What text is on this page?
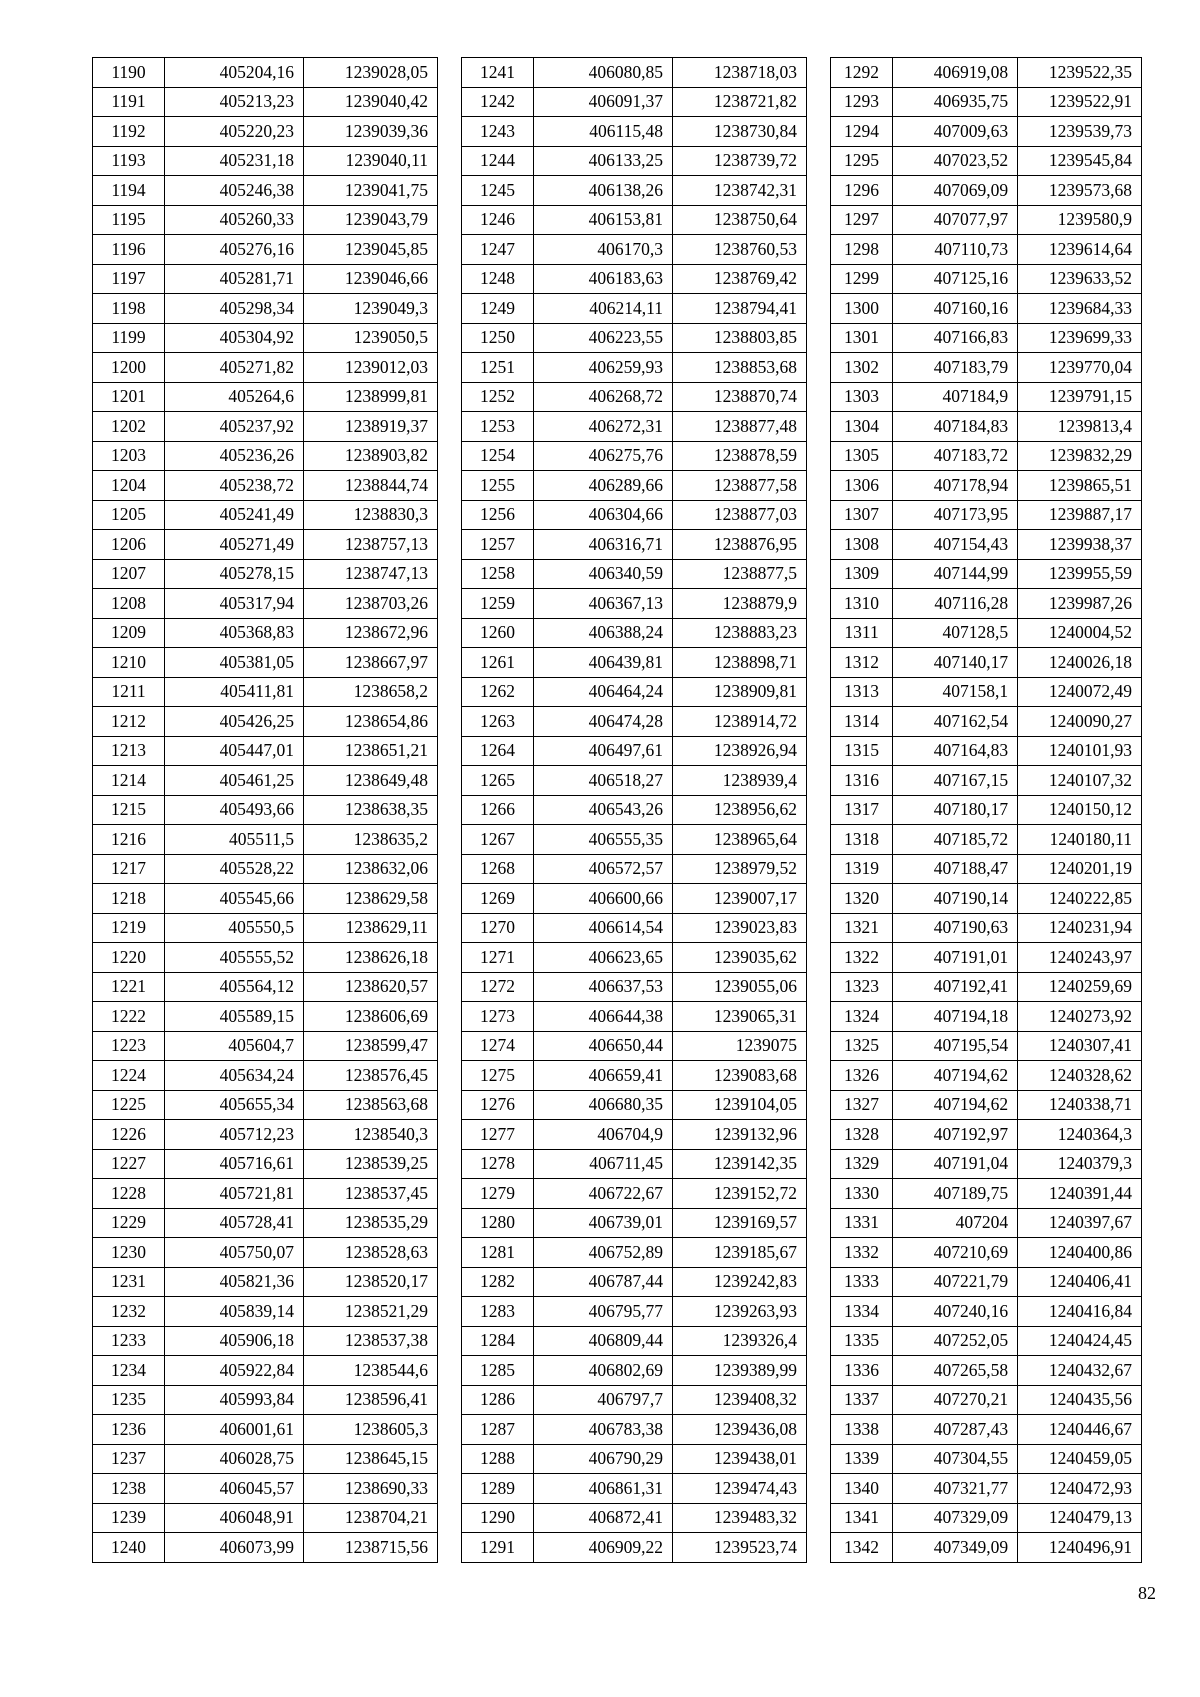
1190	405204,16	1239028,05
1191	405213,23	1239040,42
1192	405220,23	1239039,36
1193	405231,18	1239040,11
1194	405246,38	1239041,75
1195	405260,33	1239043,79
1196	405276,16	1239045,85
1197	405281,71	1239046,66
1198	405298,34	1239049,3
1199	405304,92	1239050,5
1200	405271,82	1239012,03
1201	405264,6	1238999,81
1202	405237,92	1238919,37
1203	405236,26	1238903,82
1204	405238,72	1238844,74
1205	405241,49	1238830,3
1206	405271,49	1238757,13
1207	405278,15	1238747,13
1208	405317,94	1238703,26
1209	405368,83	1238672,96
1210	405381,05	1238667,97
1211	405411,81	1238658,2
1212	405426,25	1238654,86
1213	405447,01	1238651,21
1214	405461,25	1238649,48
1215	405493,66	1238638,35
1216	405511,5	1238635,2
1217	405528,22	1238632,06
1218	405545,66	1238629,58
1219	405550,5	1238629,11
1220	405555,52	1238626,18
1221	405564,12	1238620,57
1222	405589,15	1238606,69
1223	405604,7	1238599,47
1224	405634,24	1238576,45
1225	405655,34	1238563,68
1226	405712,23	1238540,3
1227	405716,61	1238539,25
1228	405721,81	1238537,45
1229	405728,41	1238535,29
1230	405750,07	1238528,63
1231	405821,36	1238520,17
1232	405839,14	1238521,29
1233	405906,18	1238537,38
1234	405922,84	1238544,6
1235	405993,84	1238596,41
1236	406001,61	1238605,3
1237	406028,75	1238645,15
1238	406045,57	1238690,33
1239	406048,91	1238704,21
1240	406073,99	1238715,56
1241	406080,85	1238718,03
1242	406091,37	1238721,82
1243	406115,48	1238730,84
1244	406133,25	1238739,72
1245	406138,26	1238742,31
1246	406153,81	1238750,64
1247	406170,3	1238760,53
1248	406183,63	1238769,42
1249	406214,11	1238794,41
1250	406223,55	1238803,85
1251	406259,93	1238853,68
1252	406268,72	1238870,74
1253	406272,31	1238877,48
1254	406275,76	1238878,59
1255	406289,66	1238877,58
1256	406304,66	1238877,03
1257	406316,71	1238876,95
1258	406340,59	1238877,5
1259	406367,13	1238879,9
1260	406388,24	1238883,23
1261	406439,81	1238898,71
1262	406464,24	1238909,81
1263	406474,28	1238914,72
1264	406497,61	1238926,94
1265	406518,27	1238939,4
1266	406543,26	1238956,62
1267	406555,35	1238965,64
1268	406572,57	1238979,52
1269	406600,66	1239007,17
1270	406614,54	1239023,83
1271	406623,65	1239035,62
1272	406637,53	1239055,06
1273	406644,38	1239065,31
1274	406650,44	1239075
1275	406659,41	1239083,68
1276	406680,35	1239104,05
1277	406704,9	1239132,96
1278	406711,45	1239142,35
1279	406722,67	1239152,72
1280	406739,01	1239169,57
1281	406752,89	1239185,67
1282	406787,44	1239242,83
1283	406795,77	1239263,93
1284	406809,44	1239326,4
1285	406802,69	1239389,99
1286	406797,7	1239408,32
1287	406783,38	1239436,08
1288	406790,29	1239438,01
1289	406861,31	1239474,43
1290	406872,41	1239483,32
1291	406909,22	1239523,74
1292	406919,08	1239522,35
1293	406935,75	1239522,91
1294	407009,63	1239539,73
1295	407023,52	1239545,84
1296	407069,09	1239573,68
1297	407077,97	1239580,9
1298	407110,73	1239614,64
1299	407125,16	1239633,52
1300	407160,16	1239684,33
1301	407166,83	1239699,33
1302	407183,79	1239770,04
1303	407184,9	1239791,15
1304	407184,83	1239813,4
1305	407183,72	1239832,29
1306	407178,94	1239865,51
1307	407173,95	1239887,17
1308	407154,43	1239938,37
1309	407144,99	1239955,59
1310	407116,28	1239987,26
1311	407128,5	1240004,52
1312	407140,17	1240026,18
1313	407158,1	1240072,49
1314	407162,54	1240090,27
1315	407164,83	1240101,93
1316	407167,15	1240107,32
1317	407180,17	1240150,12
1318	407185,72	1240180,11
1319	407188,47	1240201,19
1320	407190,14	1240222,85
1321	407190,63	1240231,94
1322	407191,01	1240243,97
1323	407192,41	1240259,69
1324	407194,18	1240273,92
1325	407195,54	1240307,41
1326	407194,62	1240328,62
1327	407194,62	1240338,71
1328	407192,97	1240364,3
1329	407191,04	1240379,3
1330	407189,75	1240391,44
1331	407204	1240397,67
1332	407210,69	1240400,86
1333	407221,79	1240406,41
1334	407240,16	1240416,84
1335	407252,05	1240424,45
1336	407265,58	1240432,67
1337	407270,21	1240435,56
1338	407287,43	1240446,67
1339	407304,55	1240459,05
1340	407321,77	1240472,93
1341	407329,09	1240479,13
1342	407349,09	1240496,91
82
